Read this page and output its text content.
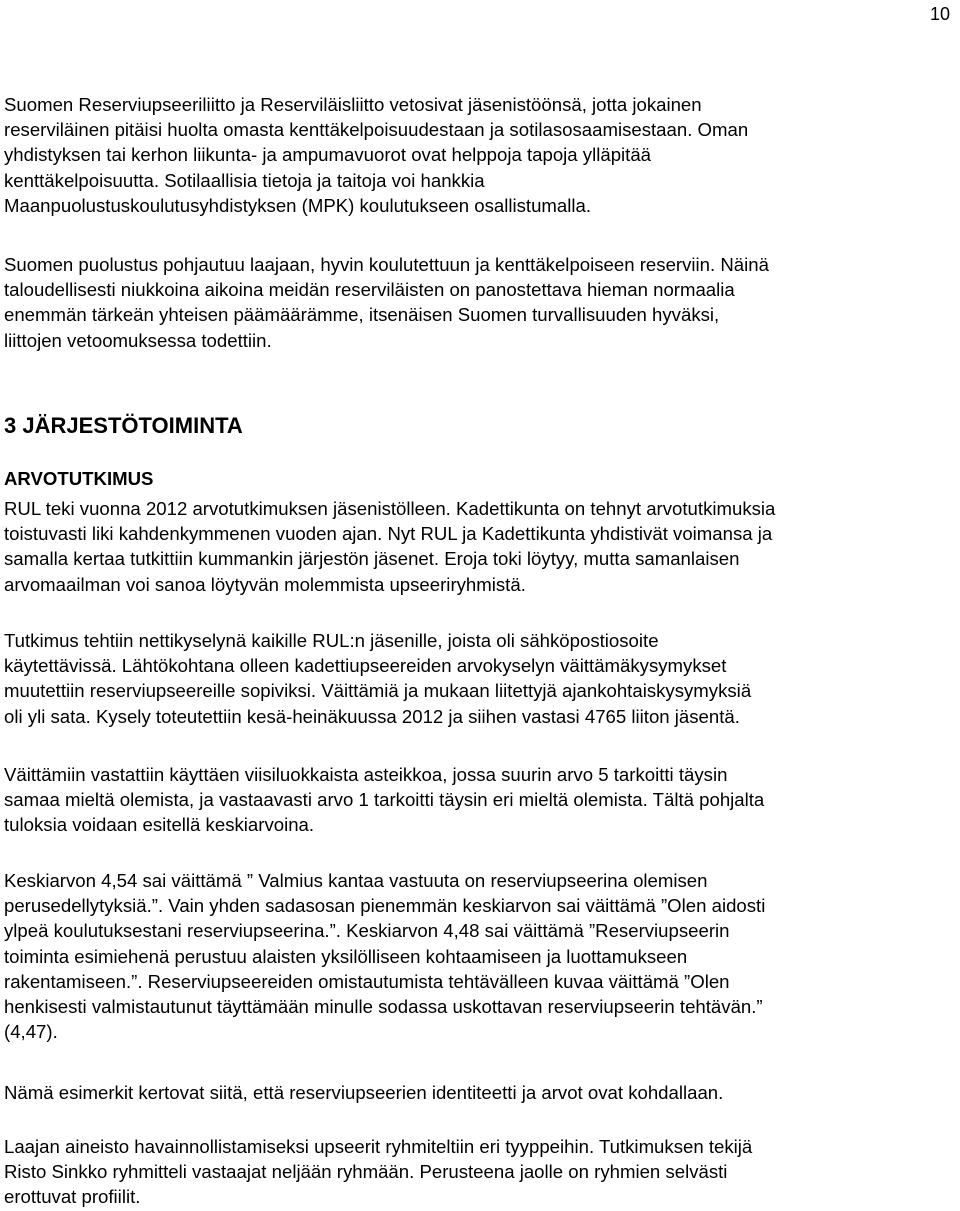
10

Suomen Reserviupseeriliitto ja Reserviläisliitto vetosivat jäsenistöönsä, jotta jokainen
reserviläinen pitäisi huolta omasta kenttäkelpoisuudestaan ja sotilasosaamisestaan. Oman
yhdistyksen tai kerhon liikunta- ja ampumavuorot ovat helppoja tapoja ylläpitää
kenttäkelpoisuutta. Sotilaallisia tietoja ja taitoja voi hankkia
Maanpuolustuskoulutusyhdistyksen (MPK) koulutukseen osallistumalla.

Suomen puolustus pohjautuu laajaan, hyvin koulutettuun ja kenttäkelpoiseen reserviin. Näinä
taloudellisesti niukkoina aikoina meidän reserviläisten on panostettava hieman normaalia
enemmän tärkeän yhteisen päämäärämme, itsenäisen Suomen turvallisuuden hyväksi,
liittojen vetoomuksessa todettiin.

3 JÄRJESTÖTOIMINTA
ARVOTUTKIMUS

RUL teki vuonna 2012 arvotutkimuksen jäsenistölleen. Kadettikunta on tehnyt arvotutkimuksia
toistuvasti liki kahdenkymmenen vuoden ajan. Nyt RUL ja Kadettikunta yhdistivät voimansa ja
samalla kertaa tutkittiin kummankin järjestön jäsenet. Eroja toki löytyy, mutta samanlaisen
arvomaailman voi sanoa löytyvän molemmista upseeriryhmistä.

Tutkimus tehtiin nettikyselynä kaikille RUL:n jäsenille, joista oli sähköpostiosoite
käytettävissä. Lähtökohtana olleen kadettiupseereiden arvokyselyn väittämäkysymykset
muutettiin reserviupseereille sopiviksi. Väittämiä ja mukaan liitettyjä ajankohtaiskysymyksiä
oli yli sata. Kysely toteutettiin kesä-heinäkuussa 2012 ja siihen vastasi 4765 liiton jäsentä.

Väittämiin vastattiin käyttäen viisiluokkaista asteikkoa, jossa suurin arvo 5 tarkoitti täysin
samaa mieltä olemista, ja vastaavasti arvo 1 tarkoitti täysin eri mieltä olemista. Tältä pohjalta
tuloksia voidaan esitellä keskiarvoina.

Keskiarvon 4,54 sai väittämä ” Valmius kantaa vastuuta on reserviupseerina olemisen
perusedellytyksiä.”. Vain yhden sadasosan pienemmän keskiarvon sai väittämä ”Olen aidosti
ylpeä koulutuksestani reserviupseerina.”. Keskiarvon 4,48 sai väittämä ”Reserviupseerin
toiminta esimiehenä perustuu alaisten yksilölliseen kohtaamiseen ja luottamukseen
rakentamiseen.”. Reserviupseereiden omistautumista tehtävälleen kuvaa väittämä ”Olen
henkisesti valmistautunut täyttämään minulle sodassa uskottavan reserviupseerin tehtävän.”
(4,47).

Nämä esimerkit kertovat siitä, että reserviupseerien identiteetti ja arvot ovat kohdallaan.

Laajan aineisto havainnollistamiseksi upseerit ryhmiteltiin eri tyyppeihin. Tutkimuksen tekijä
Risto Sinkko ryhmitteli vastaajat neljään ryhmään. Perusteena jaolle on ryhmien selvästi
erottuvat profiilit.
